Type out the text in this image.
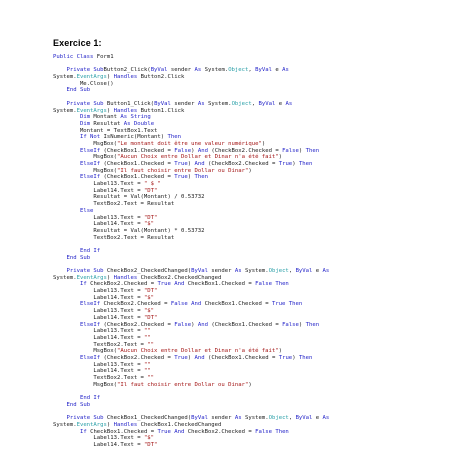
Exercice 1:
Public Class Form1
Private SubButton2_Click(ByVal sender As System.Object, ByVal e As
System.EventArgs) Handles Button2.Click
Me.Close()
End Sub
Private Sub Button1_Click(ByVal sender As System.Object, ByVal e As
System.EventArgs) Handles Button1.Click
Dim Montant As String
Dim Resultat As Double
Montant = TextBox1.Text
If Not IsNumeric(Montant) Then
MsgBox("Le montant doit être une valeur numérique")
ElseIf (CheckBox1.Checked = False) And (CheckBox2.Checked = False) Then
MsgBox("Aucun Choix entre Dollar et Dinar n'a été fait")
ElseIf (CheckBox1.Checked = True) And (CheckBox2.Checked = True) Then
MsgBox("Il faut choisir entre Dollar ou Dinar")
ElseIf (CheckBox1.Checked = True) Then
Label13.Text = " $ "
Label14.Text = "DT"
Resultat = Val(Montant) / 0.53732
TextBox2.Text = Resultat
Else
Label13.Text = "DT"
Label14.Text = "$"
Resultat = Val(Montant) * 0.53732
TextBox2.Text = Resultat
End If
End Sub
Private Sub CheckBox2_CheckedChanged(ByVal sender As System.Object, ByVal e As
System.EventArgs) Handles CheckBox2.CheckedChanged
If CheckBox2.Checked = True And CheckBox1.Checked = False Then
Label13.Text = "DT"
Label14.Text = "$"
ElseIf CheckBox2.Checked = False And CheckBox1.Checked = True Then
Label13.Text = "$"
Label14.Text = "DT"
ElseIf (CheckBox2.Checked = False) And (CheckBox1.Checked = False) Then
Label13.Text = ""
Label14.Text = ""
TextBox2.Text = ""
MsgBox("Aucun Choix entre Dollar et Dinar n'a été fait")
ElseIf (CheckBox2.Checked = True) And (CheckBox1.Checked = True) Then
Label13.Text = ""
Label14.Text = ""
TextBox2.Text = ""
MsgBox("Il faut choisir entre Dollar ou Dinar")
End If
End Sub
Private Sub CheckBox1_CheckedChanged(ByVal sender As System.Object, ByVal e As
System.EventArgs) Handles CheckBox1.CheckedChanged
If CheckBox1.Checked = True And CheckBox2.Checked = False Then
Label13.Text = "$"
Label14.Text = "DT"
